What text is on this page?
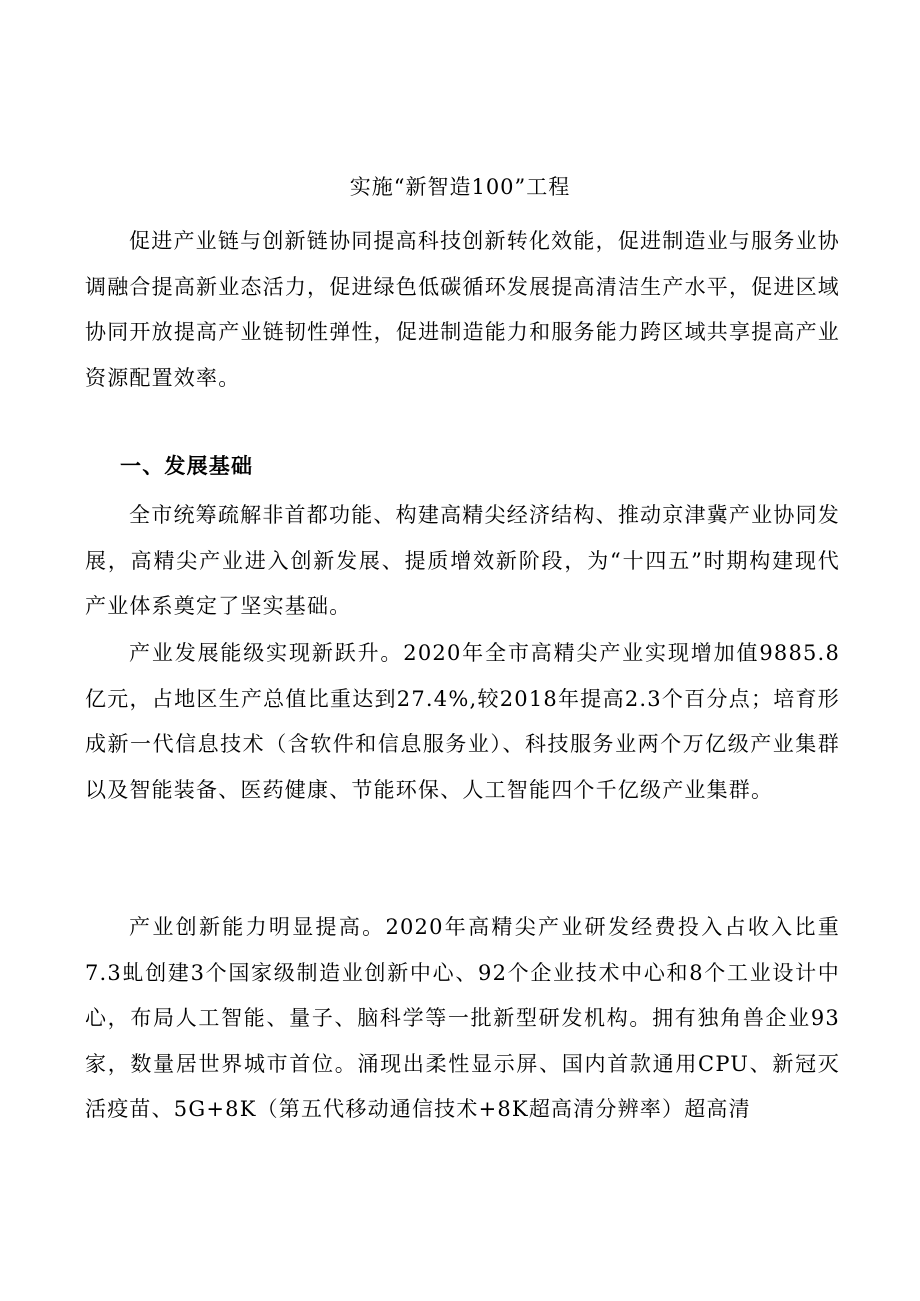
实施“新智造100”工程

促进产业链与创新链协同提高科技创新转化效能，促进制造业与服务业协调融合提高新业态活力，促进绿色低碳循环发展提高清洁生产水平，促进区域协同开放提高产业链韧性弹性，促进制造能力和服务能力跨区域共享提高产业资源配置效率。

一、发展基础

全市统筹疏解非首都功能、构建高精尖经济结构、推动京津冀产业协同发展，高精尖产业进入创新发展、提质增效新阶段，为“十四五”时期构建现代产业体系奠定了坚实基础。

产业发展能级实现新跃升。2020年全市高精尖产业实现增加值9885.8亿元，占地区生产总值比重达到27.4%,较2018年提高2.3个百分点；培育形成新一代信息技术（含软件和信息服务业）、科技服务业两个万亿级产业集群以及智能装备、医药健康、节能环保、人工智能四个千亿级产业集群。

产业创新能力明显提高。2020年高精尖产业研发经费投入占收入比重7.3虬创建3个国家级制造业创新中心、92个企业技术中心和8个工业设计中心，布局人工智能、量子、脑科学等一批新型研发机构。拥有独角兽企业93家，数量居世界城市首位。涌现出柔性显示屏、国内首款通用CPU、新冠灭活疫苗、5G+8K（第五代移动通信技术+8K超高清分辨率）超高清
